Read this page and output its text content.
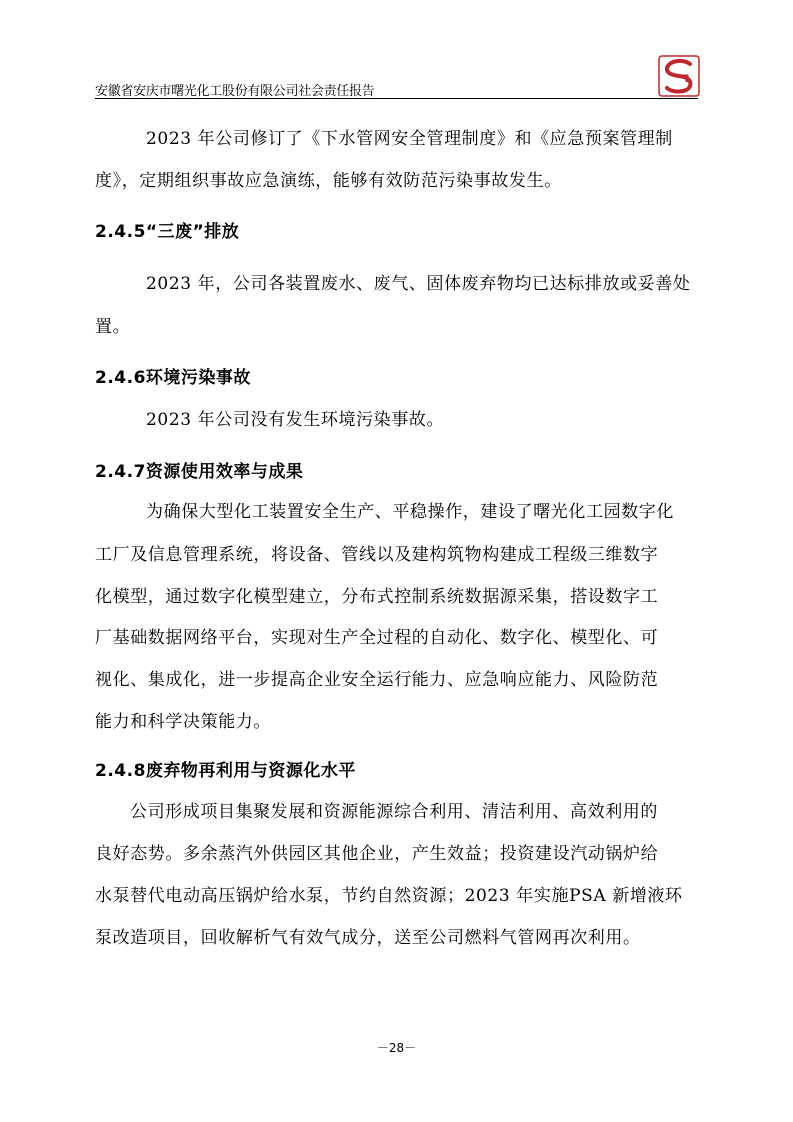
安徽省安庆市曙光化工股份有限公司社会责任报告
2023 年公司修订了《下水管网安全管理制度》和《应急预案管理制
度》，定期组织事故应急演练，能够有效防范污染事故发生。
2.4.5“三废”排放
2023 年，公司各装置废水、废气、固体废弃物均已达标排放或妥善处
置。
2.4.6环境污染事故
2023 年公司没有发生环境污染事故。
2.4.7资源使用效率与成果
为确保大型化工装置安全生产、平稳操作，建设了曙光化工园数字化
工厂及信息管理系统，将设备、管线以及建构筑物构建成工程级三维数字
化模型，通过数字化模型建立，分布式控制系统数据源采集，搭设数字工
厂基础数据网络平台，实现对生产全过程的自动化、数字化、模型化、可
视化、集成化，进一步提高企业安全运行能力、应急响应能力、风险防范
能力和科学决策能力。
2.4.8废弃物再利用与资源化水平
公司形成项目集聚发展和资源能源综合利用、清洁利用、高效利用的
良好态势。多余蒸汽外供园区其他企业，产生效益；投资建设汽动锅炉给
水泵替代电动高压锅炉给水泵，节约自然资源；2023 年实施PSA 新增液环
泵改造项目，回收解析气有效气成分，送至公司燃料气管网再次利用。
－28－
